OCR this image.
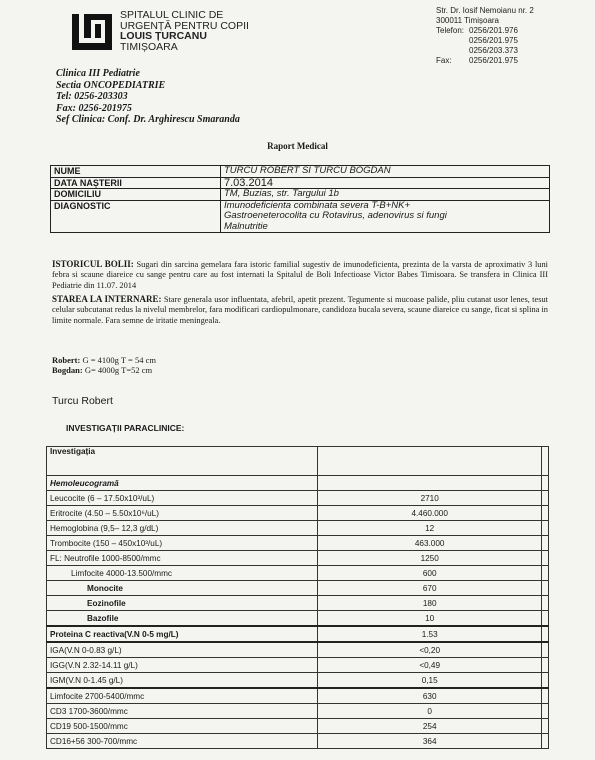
SPITALUL CLINIC DE
URGENȚĂ PENTRU COPII
LOUIS ȚURCANU
TIMIȘOARA
Str. Dr. Iosif Nemoianu nr. 2
300011 Timișoara
Telefon: 0256/201.976
0256/201.975
0256/203.373
Fax:	0256/201.975
Clinica III Pediatrie
Sectia ONCOPEDIATRIE
Tel: 0256-203303
Fax: 0256-201975
Sef Clinica: Conf. Dr. Arghirescu Smaranda
Raport Medical
NUME	TURCU ROBERT SI TURCU BOGDAN
DATA NAȘTERII	7.03.2014
DOMICILIU	TM, Buzias, str. Targului 1b
DIAGNOSTIC	Imunodeficienta combinata severa T-B+NK+
Gastroeneterocolita cu Rotavirus, adenovirus si fungi
Malnutritie
ISTORICUL BOLII: Sugari din sarcina gemelara fara istoric familial sugestiv de imunodeficienta, prezinta de la varsta de aproximativ 3 luni febra si scaune diareice cu sange pentru care au fost internati la Spitalul de Boli Infectioase Victor Babes Timisoara. Se transfera in Clinica III Pediatrie din 11.07. 2014
STAREA LA INTERNARE: Stare generala usor influentata, afebril, apetit prezent. Tegumente si mucoase palide, pliu cutanat usor lenes, tesut celular subcutanat redus la nivelul membrelor, fara modificari cardiopulmonare, candidoza bucala severa, scaune diareice cu sange, ficat si splina in limite normale. Fara semne de iritatie meningeala.
Robert: G = 4100g T = 54 cm
Bogdan: G= 4000g T=52 cm
Turcu Robert
INVESTIGAȚII PARACLINICE:
Investigația		
Hemoleucogramă		
Leucocite (6 – 17.50x10³/uL)	2710	
Eritrocite (4.50 – 5.50x10⁶/uL)	4.460.000	
Hemoglobina (9,5– 12,3 g/dL)	12	
Trombocite (150 – 450x10³/uL)	463.000	
FL: Neutrofile 1000-8500/mmc	1250	
Limfocite 4000-13.500/mmc	600	
Monocite	670	
Eozinofile	180	
Bazofile	10	
Proteina C reactiva(V.N 0-5 mg/L)	1.53	
IGA(V.N 0-0.83 g/L)	<0,20	
IGG(V.N 2.32-14.11 g/L)	<0,49	
IGM(V.N 0-1.45 g/L)	0,15	
Limfocite 2700-5400/mmc	630	
CD3 1700-3600/mmc	0	
CD19 500-1500/mmc	254	
CD16+56 300-700/mmc	364	
